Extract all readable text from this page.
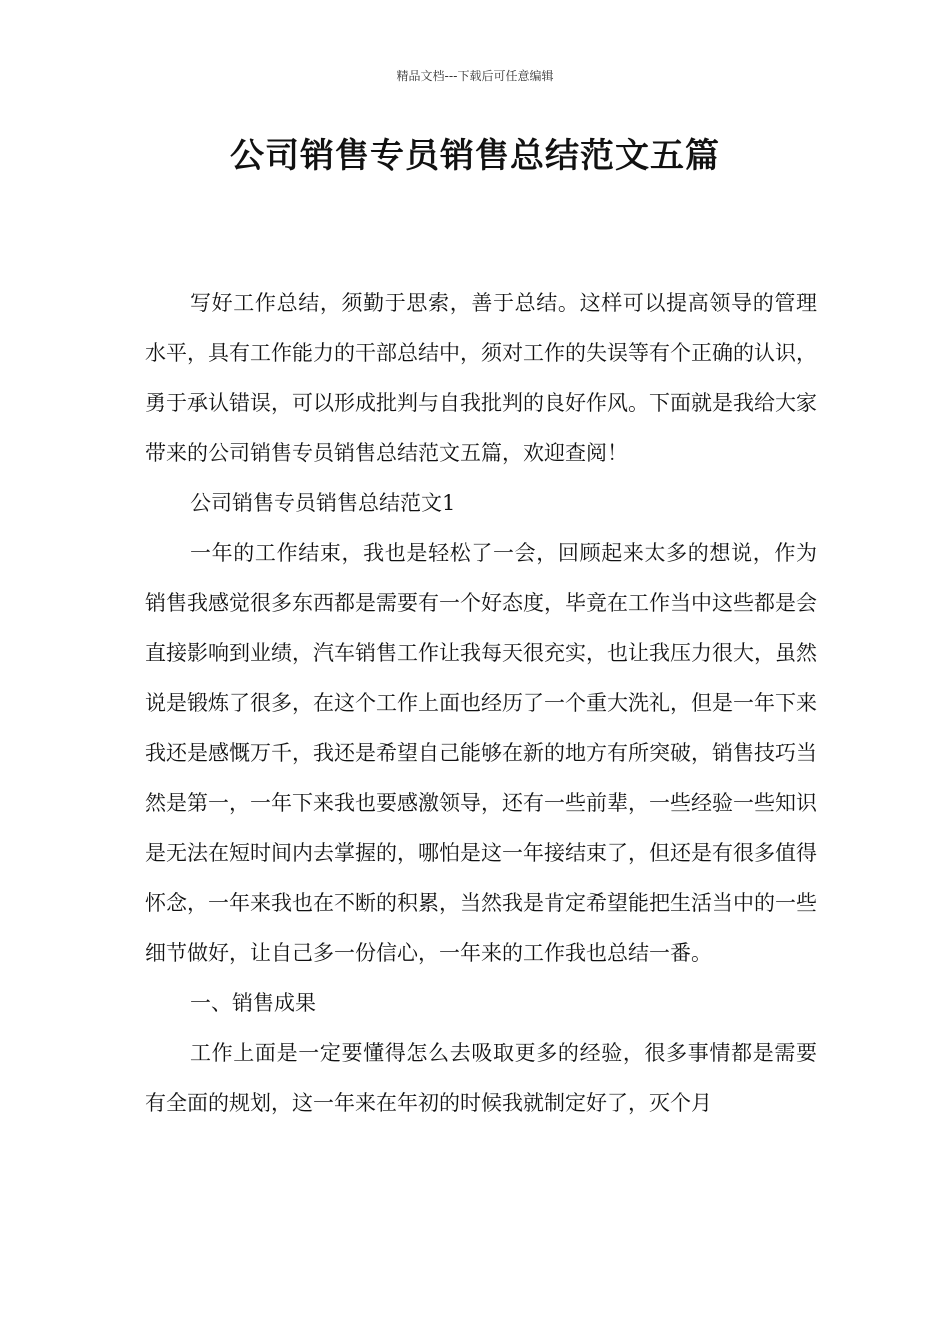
精品文档---下载后可任意编辑
公司销售专员销售总结范文五篇

写好工作总结，须勤于思索，善于总结。这样可以提高领导的管理水平，具有工作能力的干部总结中，须对工作的失误等有个正确的认识，勇于承认错误，可以形成批判与自我批判的良好作风。下面就是我给大家带来的公司销售专员销售总结范文五篇，欢迎查阅！

公司销售专员销售总结范文1

一年的工作结束，我也是轻松了一会，回顾起来太多的想说，作为销售我感觉很多东西都是需要有一个好态度，毕竟在工作当中这些都是会直接影响到业绩，汽车销售工作让我每天很充实，也让我压力很大，虽然说是锻炼了很多，在这个工作上面也经历了一个重大洗礼，但是一年下来我还是感慨万千，我还是希望自己能够在新的地方有所突破，销售技巧当然是第一，一年下来我也要感激领导，还有一些前辈，一些经验一些知识是无法在短时间内去掌握的，哪怕是这一年接结束了，但还是有很多值得怀念，一年来我也在不断的积累，当然我是肯定希望能把生活当中的一些细节做好，让自己多一份信心，一年来的工作我也总结一番。

一、销售成果

工作上面是一定要懂得怎么去吸取更多的经验，很多事情都是需要有全面的规划，这一年来在年初的时候我就制定好了，灭个月
